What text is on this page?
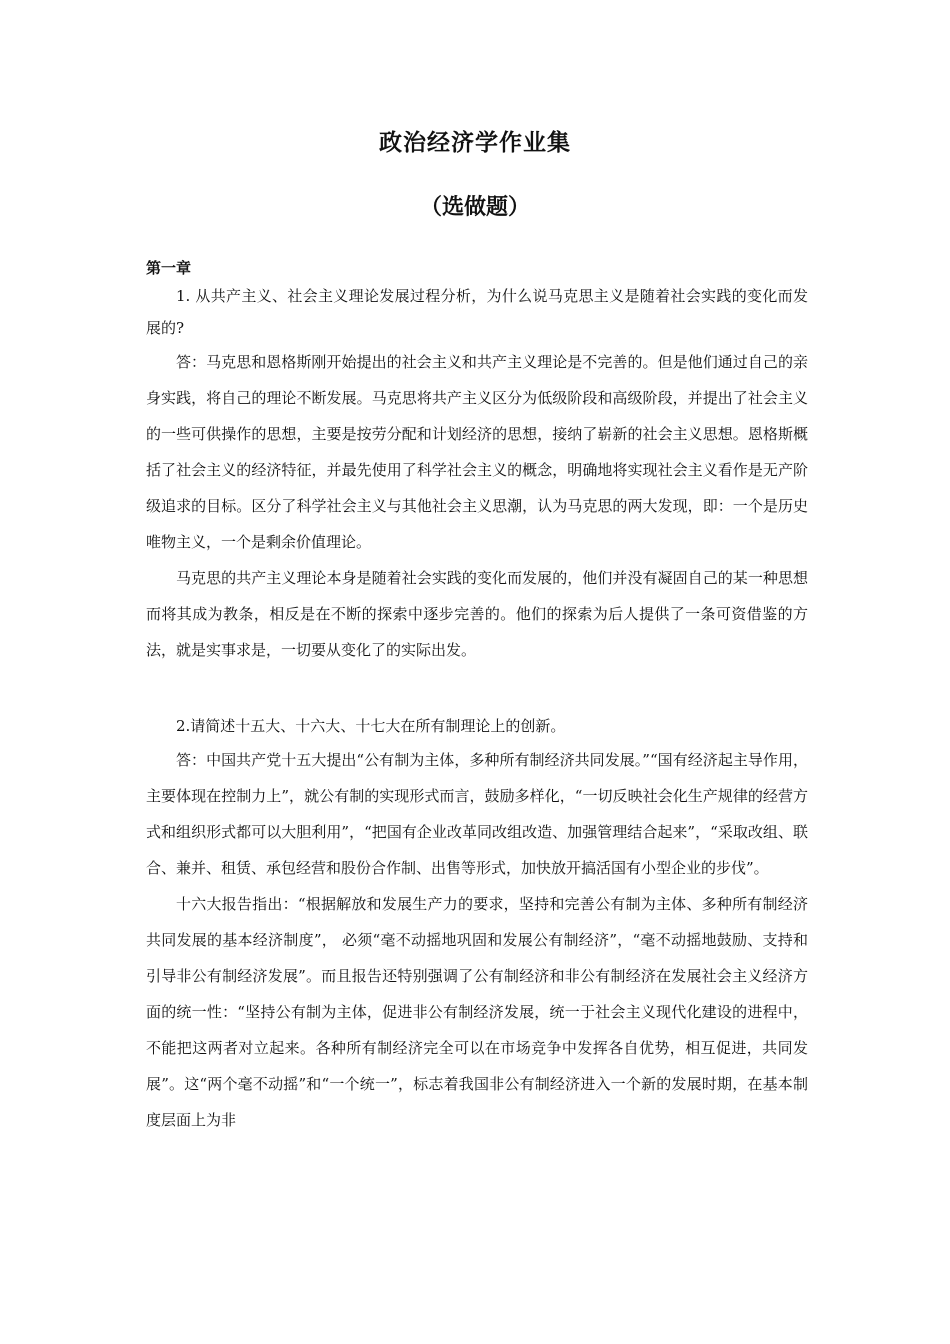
政治经济学作业集
（选做题）
第一章

1. 从共产主义、社会主义理论发展过程分析，为什么说马克思主义是随着社会实践的变化而发展的?

答：马克思和恩格斯刚开始提出的社会主义和共产主义理论是不完善的。但是他们通过自己的亲身实践，将自己的理论不断发展。马克思将共产主义区分为低级阶段和高级阶段，并提出了社会主义的一些可供操作的思想，主要是按劳分配和计划经济的思想，接纳了崭新的社会主义思想。恩格斯概括了社会主义的经济特征，并最先使用了科学社会主义的概念，明确地将实现社会主义看作是无产阶级追求的目标。区分了科学社会主义与其他社会主义思潮，认为马克思的两大发现，即：一个是历史唯物主义，一个是剩余价值理论。

马克思的共产主义理论本身是随着社会实践的变化而发展的，他们并没有凝固自己的某一种思想而将其成为教条，相反是在不断的探索中逐步完善的。他们的探索为后人提供了一条可资借鉴的方法，就是实事求是，一切要从变化了的实际出发。

2.请简述十五大、十六大、十七大在所有制理论上的创新。

答：中国共产党十五大提出“公有制为主体，多种所有制经济共同发展。”“国有经济起主导作用，主要体现在控制力上”，就公有制的实现形式而言，鼓励多样化，“一切反映社会化生产规律的经营方式和组织形式都可以大胆利用”，“把国有企业改革同改组改造、加强管理结合起来”，“采取改组、联合、兼并、租赁、承包经营和股份合作制、出售等形式，加快放开搞活国有小型企业的步伐”。

十六大报告指出：“根据解放和发展生产力的要求，坚持和完善公有制为主体、多种所有制经济共同发展的基本经济制度”， 必须“毫不动摇地巩固和发展公有制经济”，“毫不动摇地鼓励、支持和引导非公有制经济发展”。而且报告还特别强调了公有制经济和非公有制经济在发展社会主义经济方面的统一性：“坚持公有制为主体，促进非公有制经济发展，统一于社会主义现代化建设的进程中，不能把这两者对立起来。各种所有制经济完全可以在市场竞争中发挥各自优势，相互促进，共同发展”。这“两个毫不动摇”和“一个统一”，标志着我国非公有制经济进入一个新的发展时期，在基本制度层面上为非
